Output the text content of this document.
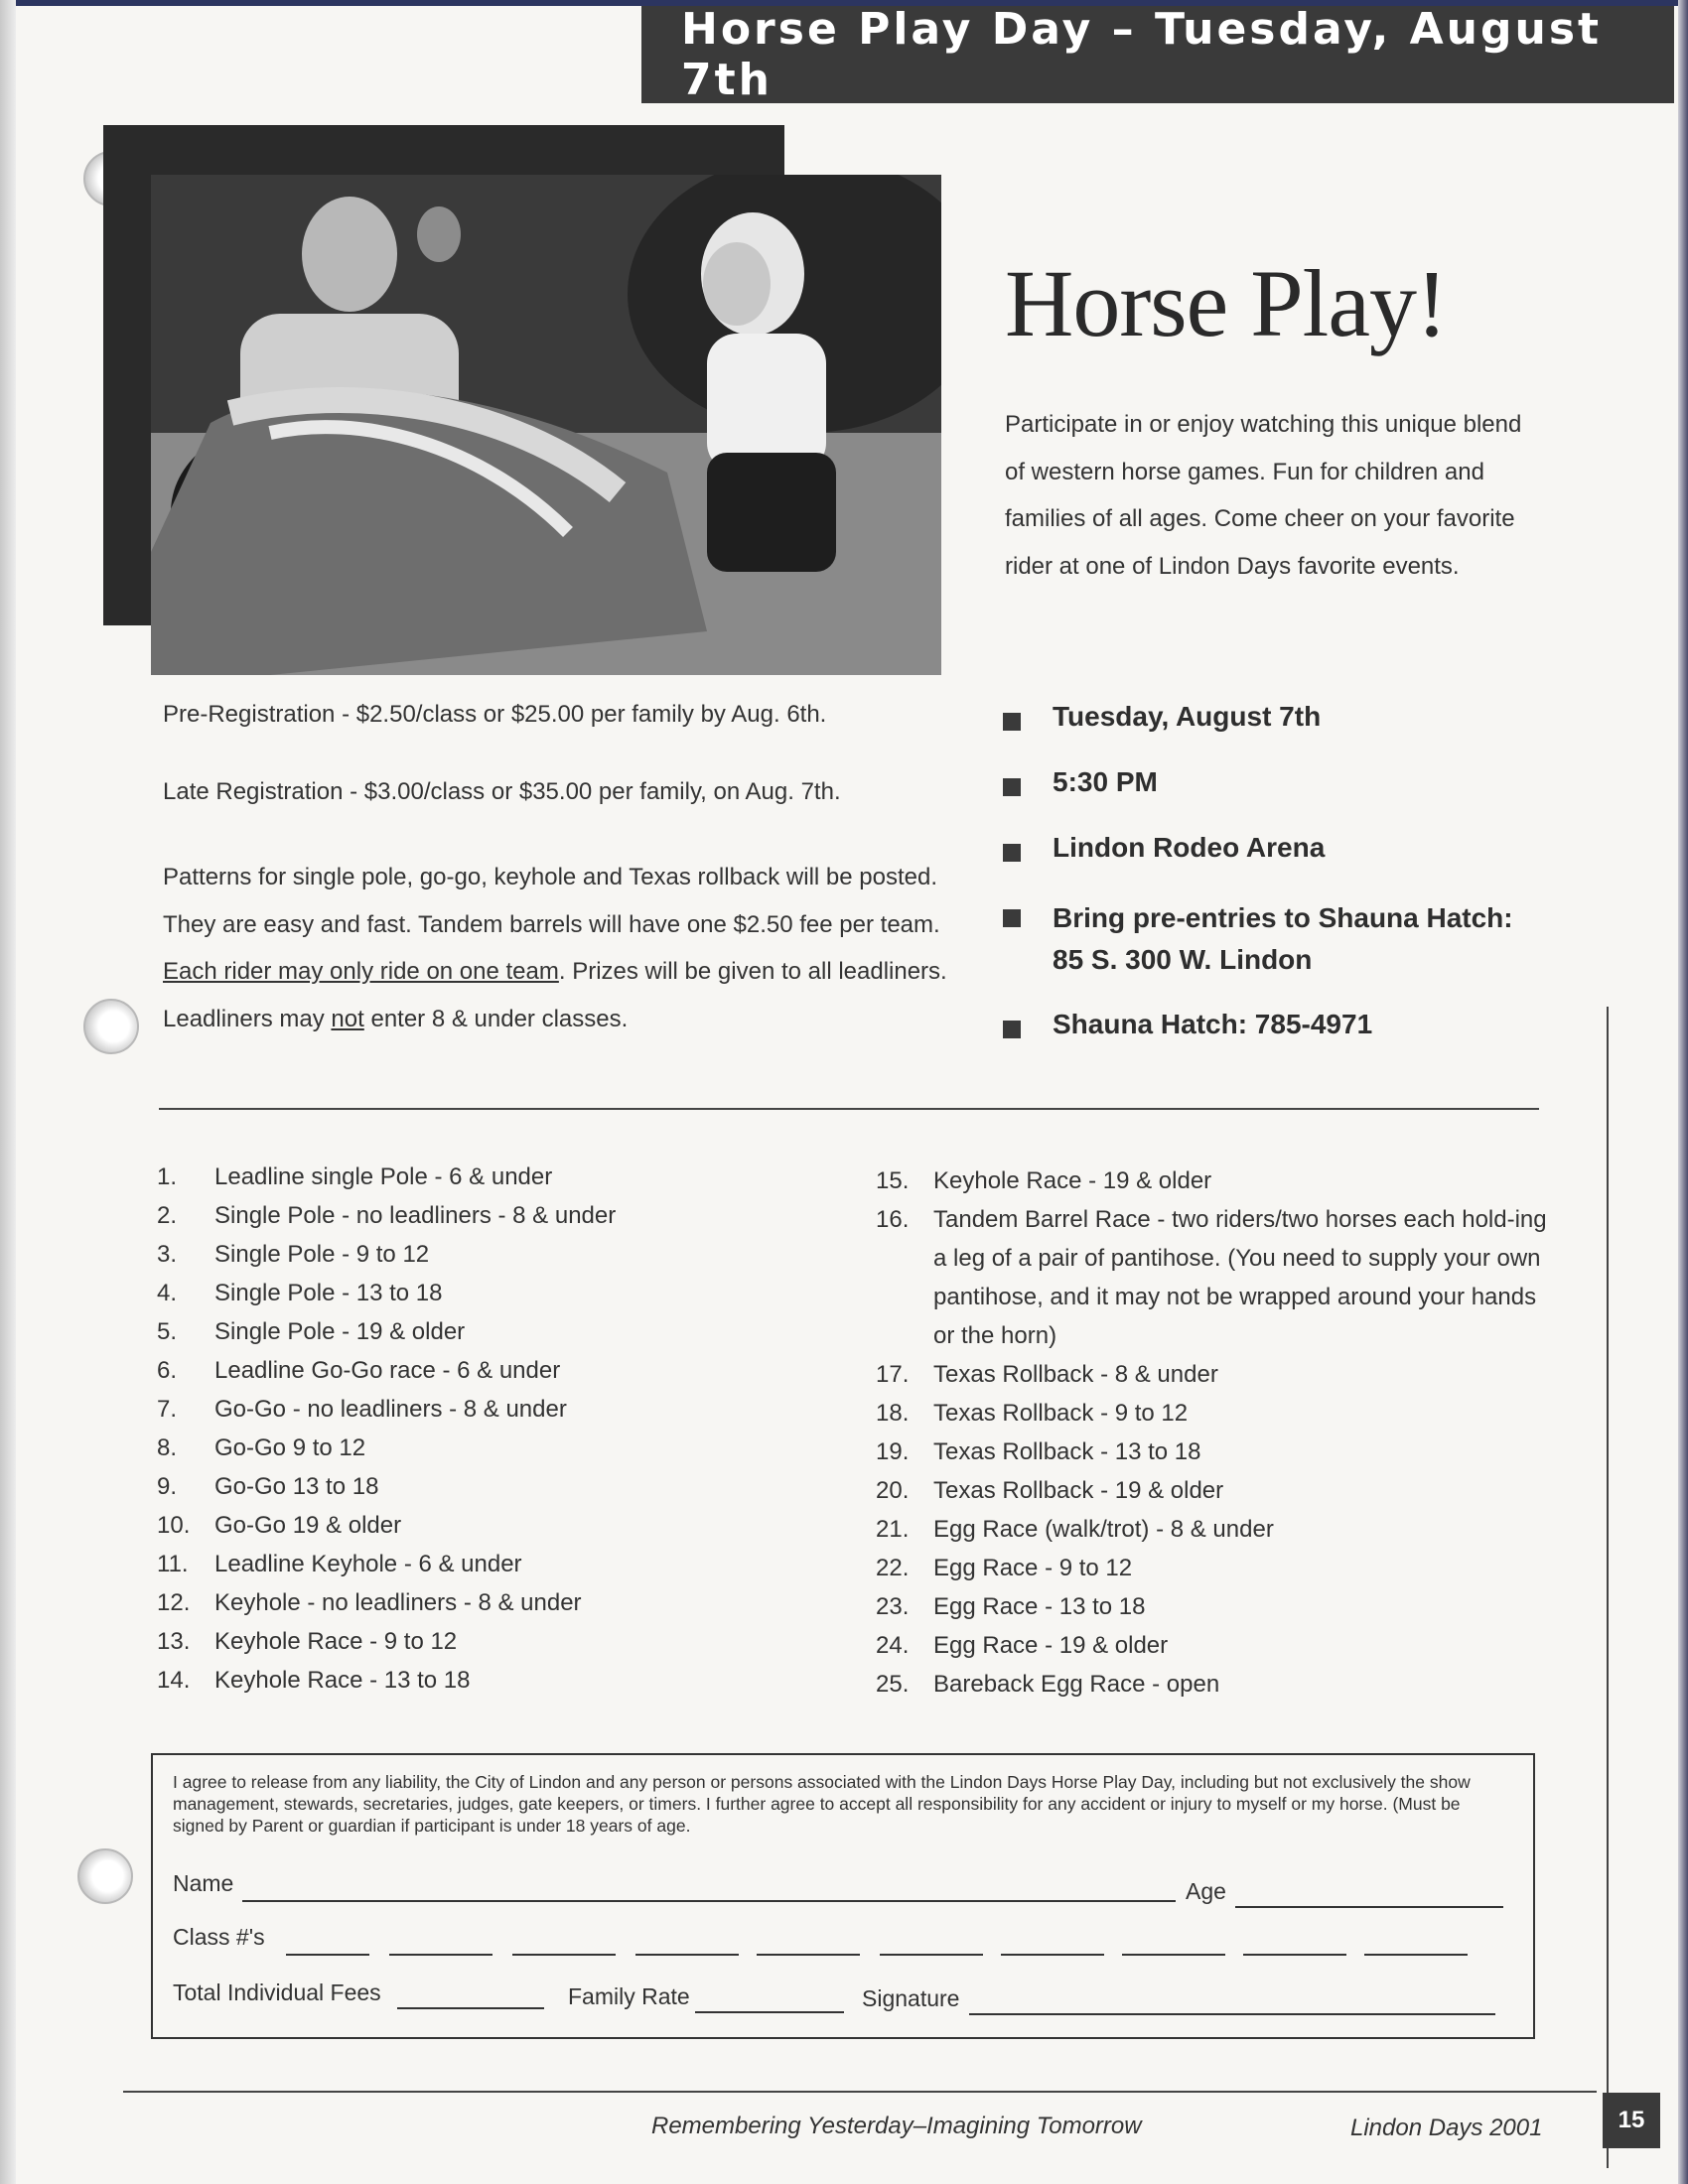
Horse Play Day – Tuesday, August 7th
Horse Play!
Participate in or enjoy watching this unique blend of western horse games. Fun for children and families of all ages. Come cheer on your favorite rider at one of Lindon Days favorite events.
Tuesday, August 7th
5:30 PM
Lindon Rodeo Arena
Bring pre-entries to Shauna Hatch:
85 S. 300 W. Lindon
Shauna Hatch: 785-4971
Pre-Registration - $2.50/class or $25.00 per family by Aug. 6th.
Late Registration - $3.00/class or $35.00 per family, on Aug. 7th.
Patterns for single pole, go-go, keyhole and Texas rollback will be posted. They are easy and fast. Tandem barrels will have one $2.50 fee per team. Each rider may only ride on one team. Prizes will be given to all leadliners. Leadliners may not enter 8 & under classes.
1. Leadline single Pole - 6 & under
2. Single Pole - no leadliners - 8 & under
3. Single Pole - 9 to 12
4. Single Pole - 13 to 18
5. Single Pole - 19 & older
6. Leadline Go-Go race - 6 & under
7. Go-Go - no leadliners - 8 & under
8. Go-Go 9 to 12
9. Go-Go 13 to 18
10. Go-Go 19 & older
11. Leadline Keyhole - 6 & under
12. Keyhole - no leadliners - 8 & under
13. Keyhole Race - 9 to 12
14. Keyhole Race - 13 to 18
15. Keyhole Race - 19 & older
16. Tandem Barrel Race - two riders/two horses each hold-ing a leg of a pair of pantihose. (You need to supply your own pantihose, and it may not be wrapped around your hands or the horn)
17. Texas Rollback - 8 & under
18. Texas Rollback - 9 to 12
19. Texas Rollback - 13 to 18
20. Texas Rollback - 19 & older
21. Egg Race (walk/trot) - 8 & under
22. Egg Race - 9 to 12
23. Egg Race - 13 to 18
24. Egg Race - 19 & older
25. Bareback Egg Race - open
I agree to release from any liability, the City of Lindon and any person or persons associated with the Lindon Days Horse Play Day, including but not exclusively the show management, stewards, secretaries, judges, gate keepers, or timers. I further agree to accept all responsibility for any accident or injury to myself or my horse. (Must be signed by Parent or guardian if participant is under 18 years of age.
Name	Age
Class #'s
Total Individual Fees	Family Rate	Signature
Remembering Yesterday–Imagining Tomorrow	Lindon Days 2001	15
